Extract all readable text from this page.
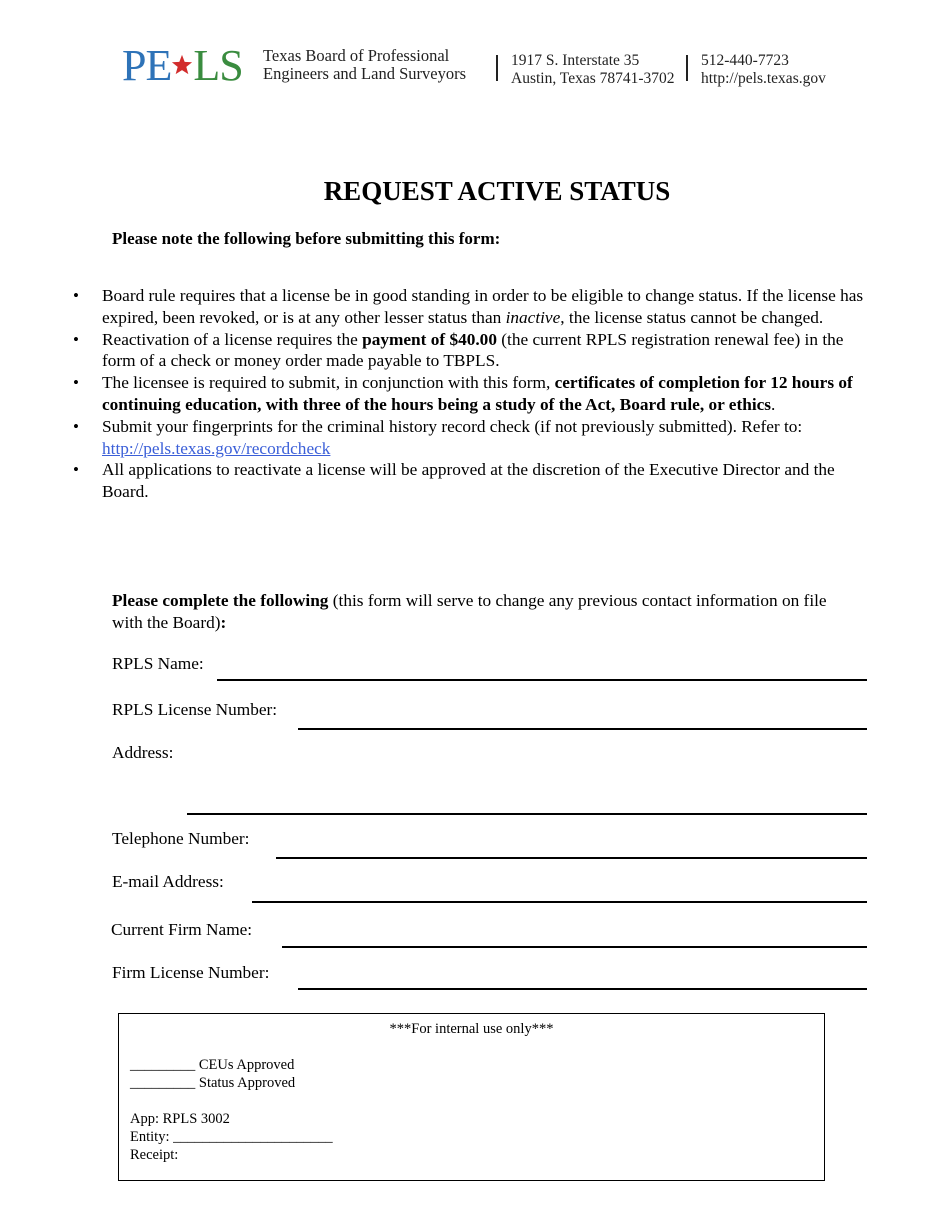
PE LS Texas Board of Professional
Engineers and Land Surveyors
1917 S. Interstate 35
Austin, Texas 78741-3702
512-440-7723
http://pels.texas.gov
REQUEST ACTIVE STATUS
Please note the following before submitting this form:
• Board rule requires that a license be in good standing in order to be eligible to change status. If the license has expired, been revoked, or is at any other lesser status than inactive, the license status cannot be changed.
• Reactivation of a license requires the payment of $40.00 (the current RPLS registration renewal fee) in the form of a check or money order made payable to TBPLS.
• The licensee is required to submit, in conjunction with this form, certificates of completion for 12 hours of continuing education, with three of the hours being a study of the Act, Board rule, or ethics.
• Submit your fingerprints for the criminal history record check (if not previously submitted). Refer to:
http://pels.texas.gov/recordcheck
• All applications to reactivate a license will be approved at the discretion of the Executive Director and the Board.
Please complete the following (this form will serve to change any previous contact information on file with the Board):
RPLS Name:
RPLS License Number:
Address:
Telephone Number:
E-mail Address:
Current Firm Name:
Firm License Number:
***For internal use only***
_________ CEUs Approved
_________ Status Approved
App: RPLS 3002
Entity: ______________________
Receipt:
